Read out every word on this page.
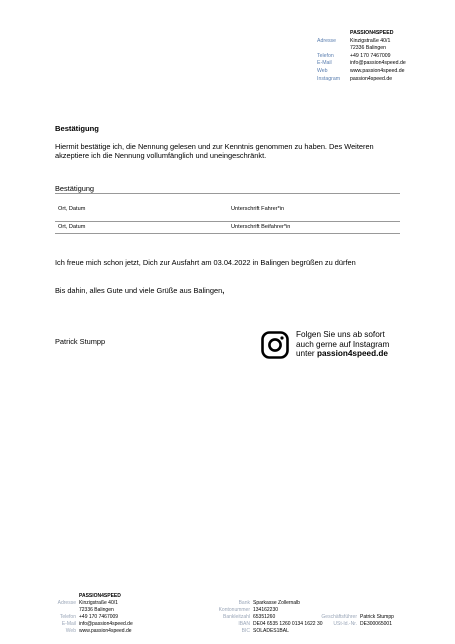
PASSION4SPEED
Adresse	Kinzigstraße 40/1
72336 Balingen
Telefon	+49 170 7467009
E-Mail	info@passion4speed.de
Web	www.passion4speed.de
Instagram	passion4speed.de
Bestätigung
Hiermit bestätige ich, die Nennung gelesen und zur Kenntnis genommen zu haben. Des Weiteren akzeptiere ich die Nennung vollumfänglich und uneingeschränkt.
Bestätigung
Ort, Datum	Unterschrift Fahrer*in
Ort, Datum	Unterschrift Beifahrer*in
Ich freue mich schon jetzt, Dich zur Ausfahrt am 03.04.2022 in Balingen begrüßen zu dürfen
Bis dahin, alles Gute und viele Grüße aus Balingen,
Patrick Stumpp
Folgen Sie uns ab sofort
auch gerne auf Instagram
unter passion4speed.de
PASSION4SPEED
Adresse Kinzigstraße 40/1
72336 Balingen
Telefon +49 170 7467009
E-Mail info@passion4speed.de
Web www.passion4speed.de
Bank Sparkasse Zollernalb
Kontonummer 134162230
Bankleitzahl 65351260
IBAN DE04 6535 1260 0134 1622 30
BIC SOLADES1BAL
Geschäftsführer Patrick Stumpp
USt-Id.-Nr. DE300065001
